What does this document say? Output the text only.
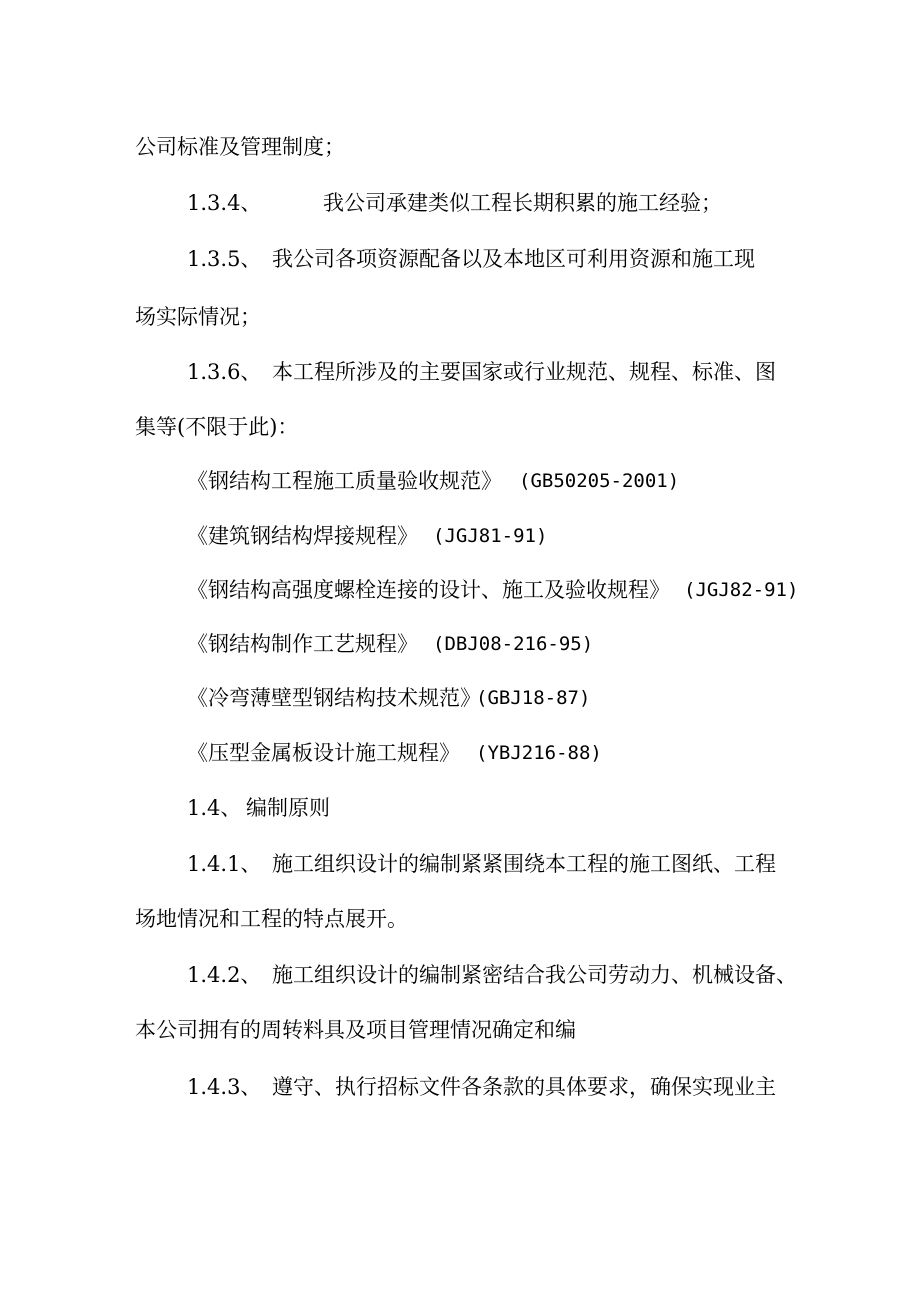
公司标准及管理制度；
1.3.4、	我公司承建类似工程长期积累的施工经验；
1.3.5、 我公司各项资源配备以及本地区可利用资源和施工现
场实际情况；
1.3.6、 本工程所涉及的主要国家或行业规范、规程、标准、图
集等(不限于此)：
《钢结构工程施工质量验收规范》 (GB50205-2001)
《建筑钢结构焊接规程》 (JGJ81-91)
《钢结构高强度螺栓连接的设计、施工及验收规程》 (JGJ82-91)
《钢结构制作工艺规程》 (DBJ08-216-95)
《冷弯薄壁型钢结构技术规范》
(GBJ18-87)
《压型金属板设计施工规程》 (YBJ216-88)
1.4、 编制原则
1.4.1、 施工组织设计的编制紧紧围绕本工程的施工图纸、工程
场地情况和工程的特点展开。
1.4.2、 施工组织设计的编制紧密结合我公司劳动力、机械设备、
本公司拥有的周转料具及项目管理情况确定和编
1.4.3、 遵守、执行招标文件各条款的具体要求，确保实现业主
